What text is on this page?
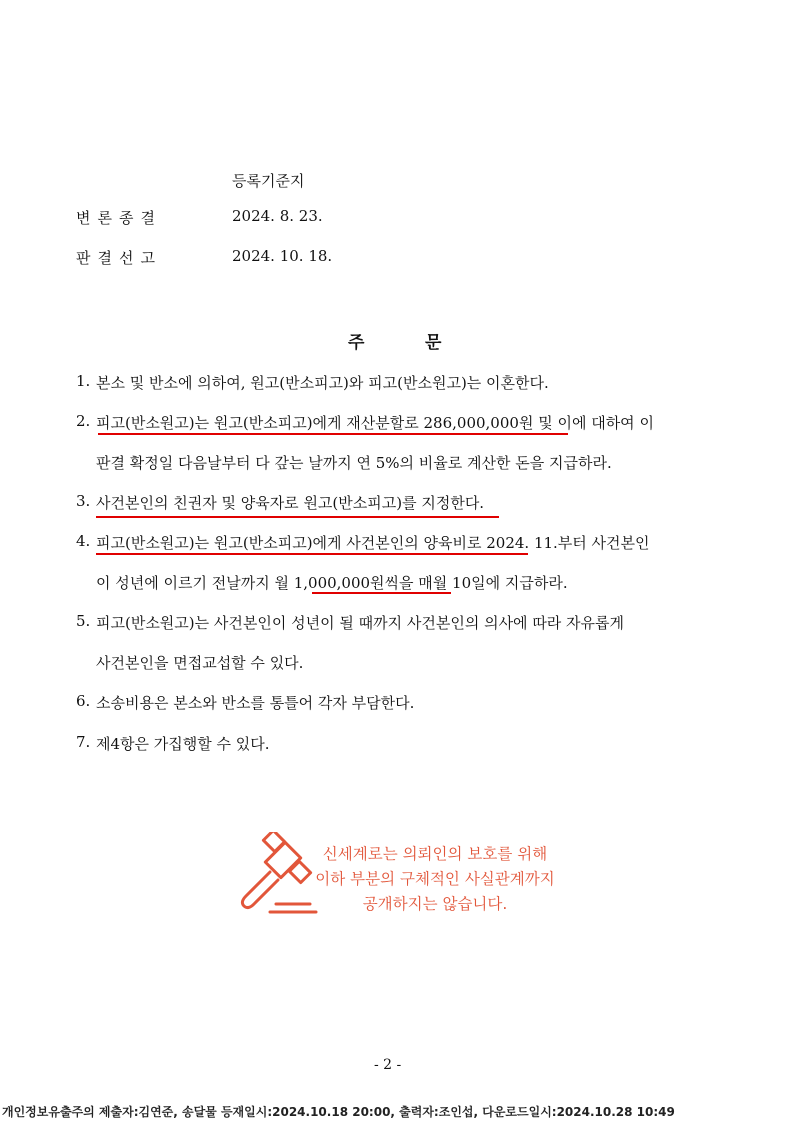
등록기준지
변론종결	2024. 8. 23.
판결선고	2024. 10. 18.
주	문
1. 본소 및 반소에 의하여, 원고(반소피고)와 피고(반소원고)는 이혼한다.
2. 피고(반소원고)는 원고(반소피고)에게 재산분할로 286,000,000원 및 이에 대하여 이
판결 확정일 다음날부터 다 갚는 날까지 연 5%의 비율로 계산한 돈을 지급하라.
3. 사건본인의 친권자 및 양육자로 원고(반소피고)를 지정한다.
4. 피고(반소원고)는 원고(반소피고)에게 사건본인의 양육비로 2024. 11.부터 사건본인
이 성년에 이르기 전날까지 월 1,000,000원씩을 매월 10일에 지급하라.
5. 피고(반소원고)는 사건본인이 성년이 될 때까지 사건본인의 의사에 따라 자유롭게
사건본인을 면접교섭할 수 있다.
6. 소송비용은 본소와 반소를 통틀어 각자 부담한다.
7. 제4항은 가집행할 수 있다.
신세계로는 의뢰인의 보호를 위해
이하 부분의 구체적인 사실관계까지
공개하지는 않습니다.
- 2 -
개인정보유출주의 제출자:김연준, 송달물 등재일시:2024.10.18 20:00, 출력자:조인섭, 다운로드일시:2024.10.28 10:49
